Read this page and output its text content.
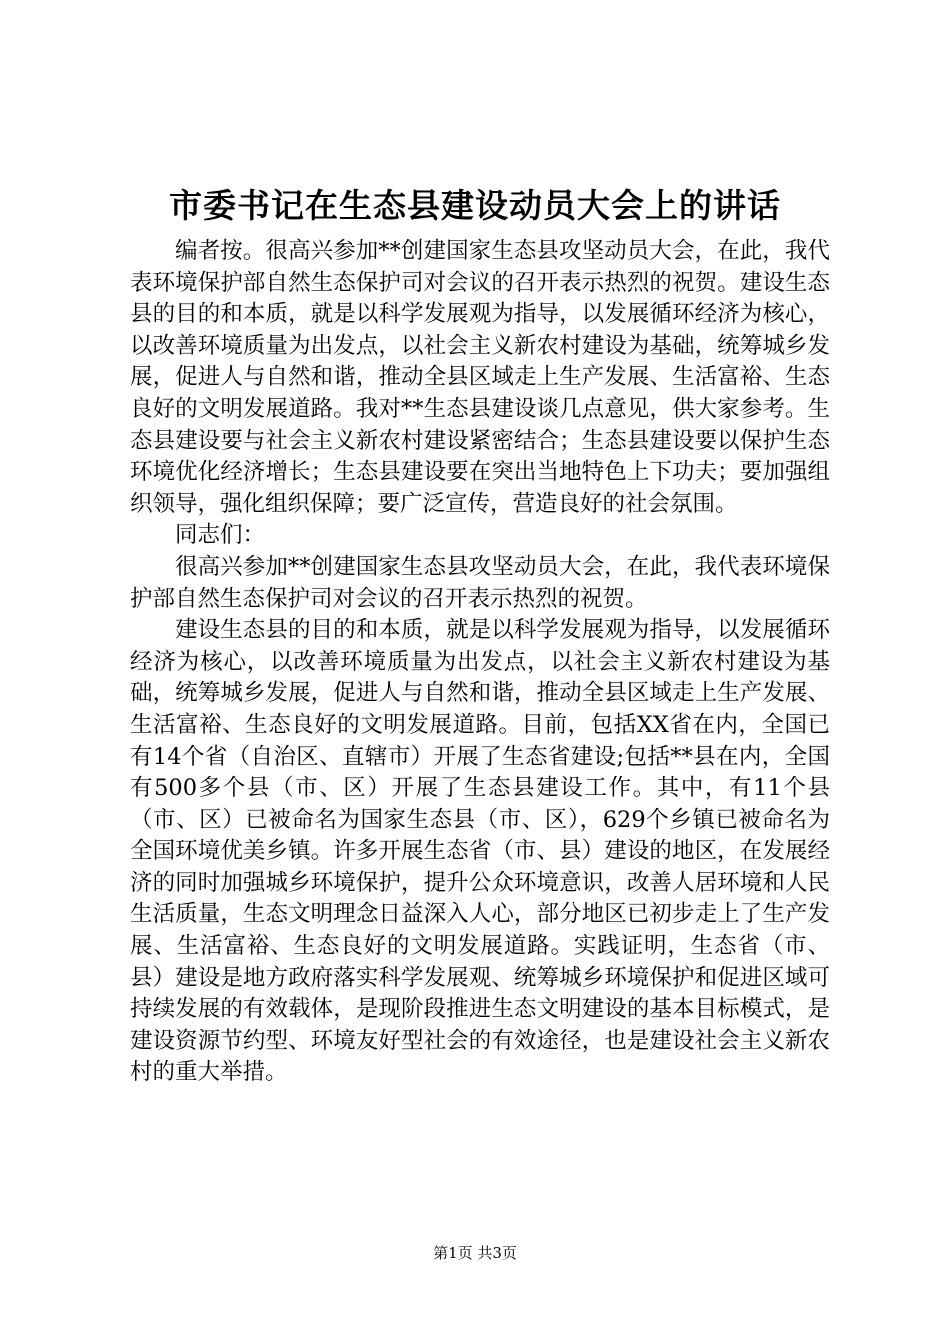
市委书记在生态县建设动员大会上的讲话

编者按。很高兴参加**创建国家生态县攻坚动员大会，在此，我代表环境保护部自然生态保护司对会议的召开表示热烈的祝贺。建设生态县的目的和本质，就是以科学发展观为指导，以发展循环经济为核心，以改善环境质量为出发点，以社会主义新农村建设为基础，统筹城乡发展，促进人与自然和谐，推动全县区域走上生产发展、生活富裕、生态良好的文明发展道路。我对**生态县建设谈几点意见，供大家参考。生态县建设要与社会主义新农村建设紧密结合；生态县建设要以保护生态环境优化经济增长；生态县建设要在突出当地特色上下功夫；要加强组织领导，强化组织保障；要广泛宣传，营造良好的社会氛围。

同志们：

很高兴参加**创建国家生态县攻坚动员大会，在此，我代表环境保护部自然生态保护司对会议的召开表示热烈的祝贺。

建设生态县的目的和本质，就是以科学发展观为指导，以发展循环经济为核心，以改善环境质量为出发点，以社会主义新农村建设为基础，统筹城乡发展，促进人与自然和谐，推动全县区域走上生产发展、生活富裕、生态良好的文明发展道路。目前，包括XX省在内，全国已有14个省（自治区、直辖市）开展了生态省建设;包括**县在内，全国有500多个县（市、区）开展了生态县建设工作。其中，有11个县（市、区）已被命名为国家生态县（市、区），629个乡镇已被命名为全国环境优美乡镇。许多开展生态省（市、县）建设的地区，在发展经济的同时加强城乡环境保护，提升公众环境意识，改善人居环境和人民生活质量，生态文明理念日益深入人心，部分地区已初步走上了生产发展、生活富裕、生态良好的文明发展道路。实践证明，生态省（市、县）建设是地方政府落实科学发展观、统筹城乡环境保护和促进区域可持续发展的有效载体，是现阶段推进生态文明建设的基本目标模式，是建设资源节约型、环境友好型社会的有效途径，也是建设社会主义新农村的重大举措。

第1页 共3页
